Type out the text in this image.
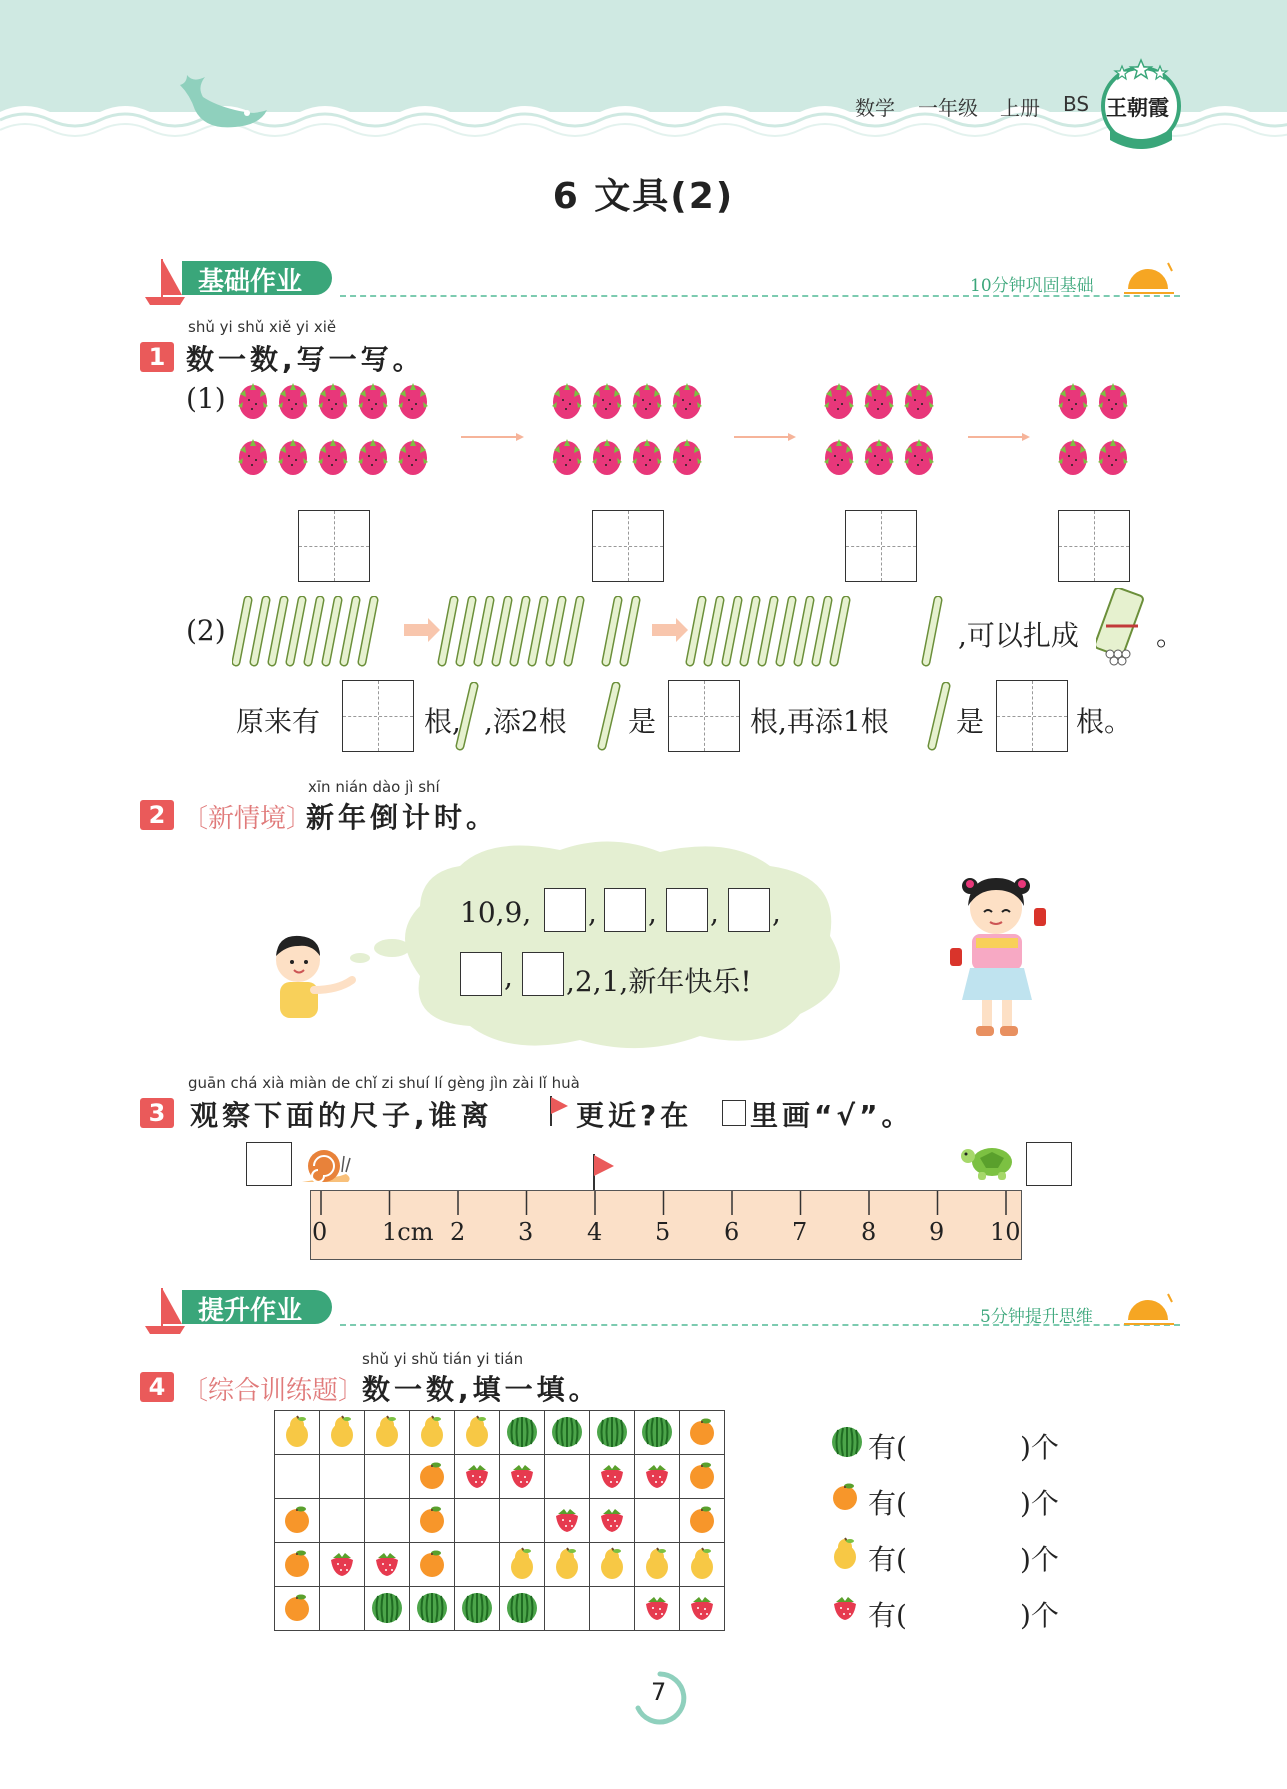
数学 一年级 上册 BS 王朝霞
6 文具(2)
基础作业	10分钟巩固基础
shǔ yi shǔ xiě yi xiě
1 数一数,写一写。
(1)
(2)	,可以扎成	。
原来有	根, ,添2根 是	根,再添1根 是	根。
xīn nián dào jì shí
2 〔新情境〕
新年倒计时。
10,9, , , , ,
, ,2,1,新年快乐!
guān chá xià miàn de chǐ zi shuí lí gèng jìn zài lǐ huà
3 观察下面的尺子,谁离	更近?在 里画“√”。
0 1cm 2 3 4 5 6 7 8 9 10
提升作业	5分钟提升思维
shǔ yi shǔ tián yi tián
4 〔综合训练题〕
数一数,填一填。

有(	)个
有(	)个
有(	)个
有(	)个
7
